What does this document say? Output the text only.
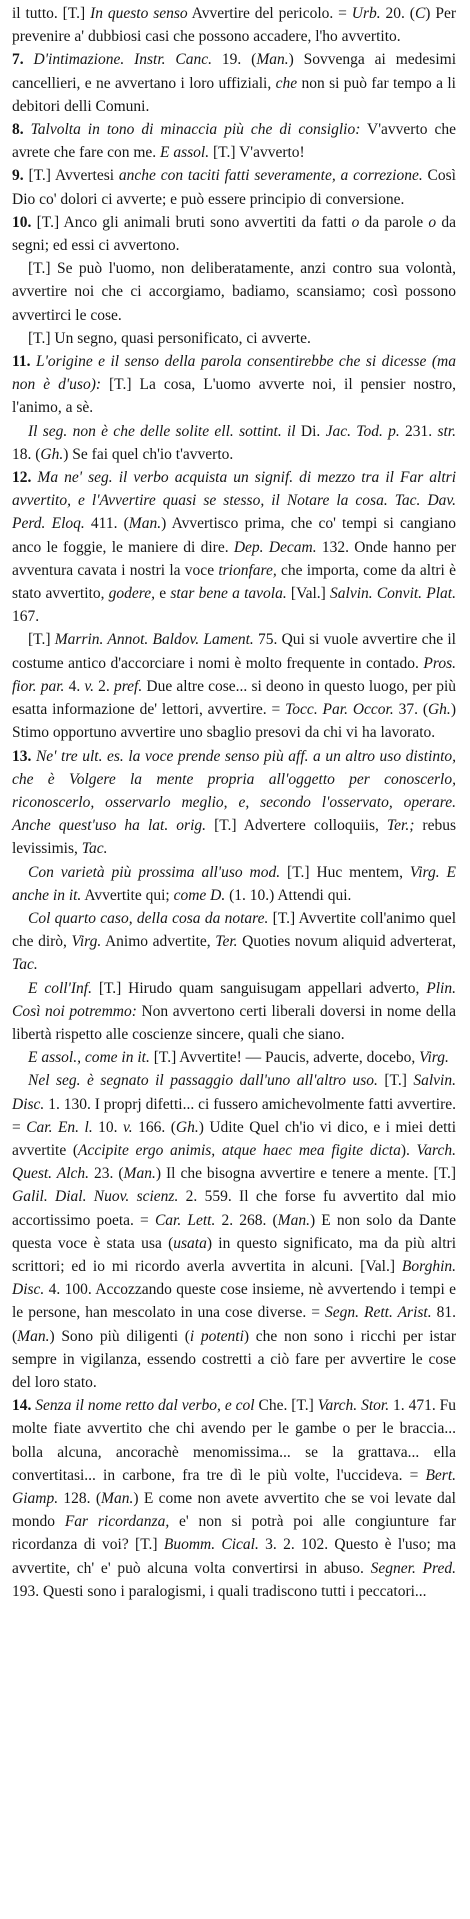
il tutto. [T.] In questo senso Avvertire del pericolo. = Urb. 20. (C) Per prevenire a' dubbiosi casi che possono accadere, l'ho avvertito.

7. D'intimazione. Instr. Canc. 19. (Man.) Sovvenga ai medesimi cancellieri, e ne avvertano i loro uffiziali, che non si può far tempo a li debitori delli Comuni.

8. Talvolta in tono di minaccia più che di consiglio: V'avverto che avrete che fare con me. E assol. [T.] V'avverto!

9. [T.] Avvertesi anche con taciti fatti severamente, a correzione. Così Dio co' dolori ci avverte; e può essere principio di conversione.

10. [T.] Anco gli animali bruti sono avvertiti da fatti o da parole o da segni; ed essi ci avvertono.

[T.] Se può l'uomo, non deliberatamente, anzi contro sua volontà, avvertire noi che ci accorgiamo, badiamo, scansiamo; così possono avvertirci le cose.

[T.] Un segno, quasi personificato, ci avverte.

11. L'origine e il senso della parola consentirebbe che si dicesse (ma non è d'uso): [T.] La cosa, L'uomo avverte noi, il pensier nostro, l'animo, a sè.

Il seg. non è che delle solite ell. sottint. il Di. Jac. Tod. p. 231. str. 18. (Gh.) Se fai quel ch'io t'avverto.

12. Ma ne' seg. il verbo acquista un signif. di mezzo tra il Far altri avvertito, e l'Avvertire quasi se stesso, il Notare la cosa. Tac. Dav. Perd. Eloq. 411. (Man.) Avvertisco prima, che co' tempi si cangiano anco le foggie, le maniere di dire. Dep. Decam. 132. Onde hanno per avventura cavata i nostri la voce trionfare, che importa, come da altri è stato avvertito, godere, e star bene a tavola. [Val.] Salvin. Convit. Plat. 167.

[T.] Marrin. Annot. Baldov. Lament. 75. Qui si vuole avvertire che il costume antico d'accorciare i nomi è molto frequente in contado. Pros. fior. par. 4. v. 2. pref. Due altre cose... si deono in questo luogo, per più esatta informazione de' lettori, avvertire. = Tocc. Par. Occor. 37. (Gh.) Stimo opportuno avvertire uno sbaglio presovi da chi vi ha lavorato.

13. Ne' tre ult. es. la voce prende senso più aff. a un altro uso distinto, che è Volgere la mente propria all'oggetto per conoscerlo, riconoscerlo, osservarlo meglio, e, secondo l'osservato, operare. Anche quest'uso ha lat. orig. [T.] Advertere colloquiis, Ter.; rebus levissimis, Tac.

Con varietà più prossima all'uso mod. [T.] Huc mentem, Virg. E anche in it. Avvertite qui; come D. (1. 10.) Attendi qui.

Col quarto caso, della cosa da notare. [T.] Avvertite coll'animo quel che dirò, Virg. Animo advertite, Ter. Quoties novum aliquid adverterat, Tac.

E coll'Inf. [T.] Hirudo quam sanguisugam appellari advertо, Plin. Così noi potremmo: Non avvertono certi liberali doversi in nome della libertà rispetto alle coscienze sincere, quali che siano.

E assol., come in it. [T.] Avvertite! — Paucis, adverte, docebo, Virg.

Nel seg. è segnato il passaggio dall'uno all'altro uso. [T.] Salvin. Disc. 1. 130. I proprj difetti... ci fussero amichevolmente fatti avvertire. = Car. En. l. 10. v. 166. (Gh.) Udite Quel ch'io vi dico, e i miei detti avvertite (Accipite ergo animis, atque haec mea figite dicta). Varch. Quest. Alch. 23. (Man.) Il che bisogna avvertire e tenere a mente. [T.] Galil. Dial. Nuov. scienz. 2. 559. Il che forse fu avvertito dal mio accortissimo poeta. = Car. Lett. 2. 268. (Man.) E non solo da Dante questa voce è stata usa (usata) in questo significato, ma da più altri scrittori; ed io mi ricordo averla avvertita in alcuni. [Val.] Borghin. Disc. 4. 100. Accozzando queste cose insieme, nè avvertendo i tempi e le persone, han mescolato in una cose diverse. = Segn. Rett. Arist. 81. (Man.) Sono più diligenti (i potenti) che non sono i ricchi per istar sempre in vigilanza, essendo costretti a ciò fare per avvertire le cose del loro stato.

14. Senza il nome retto dal verbo, e col Che. [T.] Varch. Stor. 1. 471. Fu molte fiate avvertito che chi avendo per le gambe o per le braccia... bolla alcuna, ancorachè menomissima... se la grattava... ella convertitasi... in carbone, fra tre dì le più volte, l'uccideva. = Bert. Giamp. 128. (Man.) E come non avete avvertito che se voi levate dal mondo Far ricordanza, e' non si potrà poi alle congiunture far ricordanza di voi? [T.] Buomm. Cical. 3. 2. 102. Questo è l'uso; ma avvertite, ch' e' può alcuna volta convertirsi in abuso. Segner. Pred. 193. Questi sono i paralogismi, i quali tradiscono tutti i peccatori...
